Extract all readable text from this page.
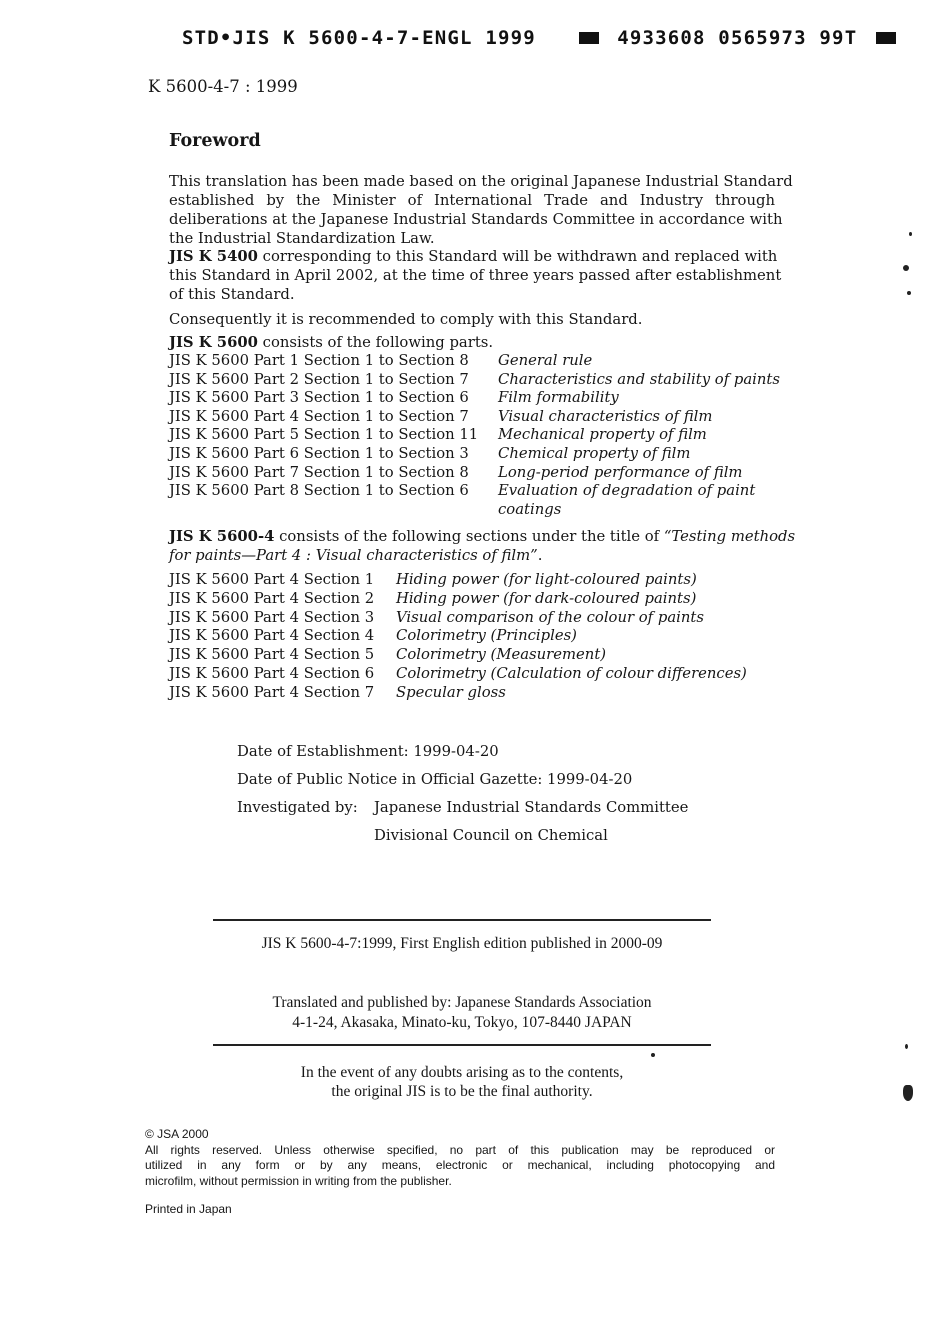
STD•JIS K 5600-4-7-ENGL 1999	4933608 0565973 99T
K 5600-4-7 : 1999
Foreword
This translation has been made based on the original Japanese Industrial Standard
established by the Minister of International Trade and Industry through
deliberations at the Japanese Industrial Standards Committee in accordance with
the Industrial Standardization Law.
JIS K 5400 corresponding to this Standard will be withdrawn and replaced with
this Standard in April 2002, at the time of three years passed after establishment
of this Standard.
Consequently it is recommended to comply with this Standard.
JIS K 5600 consists of the following parts.
JIS K 5600 Part 1 Section 1 to Section 8	General rule
JIS K 5600 Part 2 Section 1 to Section 7	Characteristics and stability of paints
JIS K 5600 Part 3 Section 1 to Section 6	Film formability
JIS K 5600 Part 4 Section 1 to Section 7	Visual characteristics of film
JIS K 5600 Part 5 Section 1 to Section 11	Mechanical property of film
JIS K 5600 Part 6 Section 1 to Section 3	Chemical property of film
JIS K 5600 Part 7 Section 1 to Section 8	Long-period performance of film
JIS K 5600 Part 8 Section 1 to Section 6	Evaluation of degradation of paint
coatings
JIS K 5600-4 consists of the following sections under the title of “Testing methods
for paints—Part 4 : Visual characteristics of film”.
JIS K 5600 Part 4 Section 1	Hiding power (for light-coloured paints)
JIS K 5600 Part 4 Section 2	Hiding power (for dark-coloured paints)
JIS K 5600 Part 4 Section 3	Visual comparison of the colour of paints
JIS K 5600 Part 4 Section 4	Colorimetry (Principles)
JIS K 5600 Part 4 Section 5	Colorimetry (Measurement)
JIS K 5600 Part 4 Section 6	Colorimetry (Calculation of colour differences)
JIS K 5600 Part 4 Section 7	Specular gloss
Date of Establishment: 1999-04-20
Date of Public Notice in Official Gazette: 1999-04-20
Investigated by:	Japanese Industrial Standards Committee
Divisional Council on Chemical
JIS K 5600-4-7:1999, First English edition published in 2000-09
Translated and published by: Japanese Standards Association
4-1-24, Akasaka, Minato-ku, Tokyo, 107-8440 JAPAN
In the event of any doubts arising as to the contents,
the original JIS is to be the final authority.
© JSA 2000
All rights reserved. Unless otherwise specified, no part of this publication may be reproduced or
utilized in any form or by any means, electronic or mechanical, including photocopying and
microfilm, without permission in writing from the publisher.
Printed in Japan
